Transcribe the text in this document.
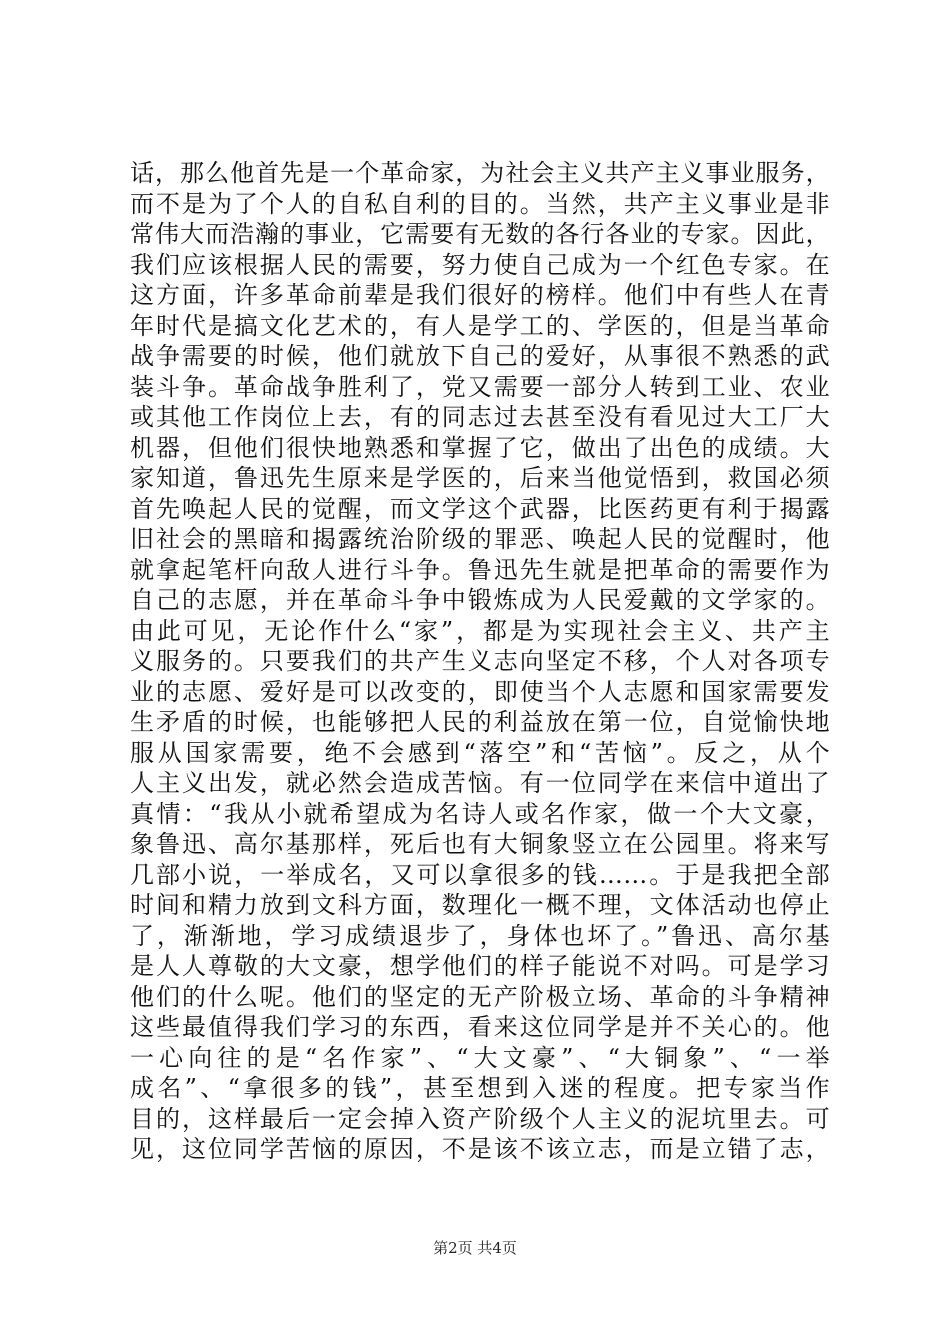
话，那么他首先是一个革命家，为社会主义共产主义事业服务，
而不是为了个人的自私自利的目的。当然，共产主义事业是非
常伟大而浩瀚的事业，它需要有无数的各行各业的专家。因此，
我们应该根据人民的需要，努力使自己成为一个红色专家。在
这方面，许多革命前辈是我们很好的榜样。他们中有些人在青
年时代是搞文化艺术的，有人是学工的、学医的，但是当革命
战争需要的时候，他们就放下自己的爱好，从事很不熟悉的武
装斗争。革命战争胜利了，党又需要一部分人转到工业、农业
或其他工作岗位上去，有的同志过去甚至没有看见过大工厂大
机器，但他们很快地熟悉和掌握了它，做出了出色的成绩。大
家知道，鲁迅先生原来是学医的，后来当他觉悟到，救国必须
首先唤起人民的觉醒，而文学这个武器，比医药更有利于揭露
旧社会的黑暗和揭露统治阶级的罪恶、唤起人民的觉醒时，他
就拿起笔杆向敌人进行斗争。鲁迅先生就是把革命的需要作为
自己的志愿，并在革命斗争中锻炼成为人民爱戴的文学家的。
由此可见，无论作什么“家”，都是为实现社会主义、共产主
义服务的。只要我们的共产生义志向坚定不移，个人对各项专
业的志愿、爱好是可以改变的，即使当个人志愿和国家需要发
生矛盾的时候，也能够把人民的利益放在第一位，自觉愉快地
服从国家需要，绝不会感到“落空”和“苦恼”。反之，从个
人主义出发，就必然会造成苦恼。有一位同学在来信中道出了
真情：“我从小就希望成为名诗人或名作家，做一个大文豪，
象鲁迅、高尔基那样，死后也有大铜象竖立在公园里。将来写
几部小说，一举成名，又可以拿很多的钱……。于是我把全部
时间和精力放到文科方面，数理化一概不理，文体活动也停止
了，渐渐地，学习成绩退步了，身体也坏了。”鲁迅、高尔基
是人人尊敬的大文豪，想学他们的样子能说不对吗。可是学习
他们的什么呢。他们的坚定的无产阶极立场、革命的斗争精神
这些最值得我们学习的东西，看来这位同学是并不关心的。他
一心向往的是“名作家”、“大文豪”、“大铜象”、“一举
成名”、“拿很多的钱”，甚至想到入迷的程度。把专家当作
目的，这样最后一定会掉入资产阶级个人主义的泥坑里去。可
见，这位同学苦恼的原因，不是该不该立志，而是立错了志，
第2页 共4页
